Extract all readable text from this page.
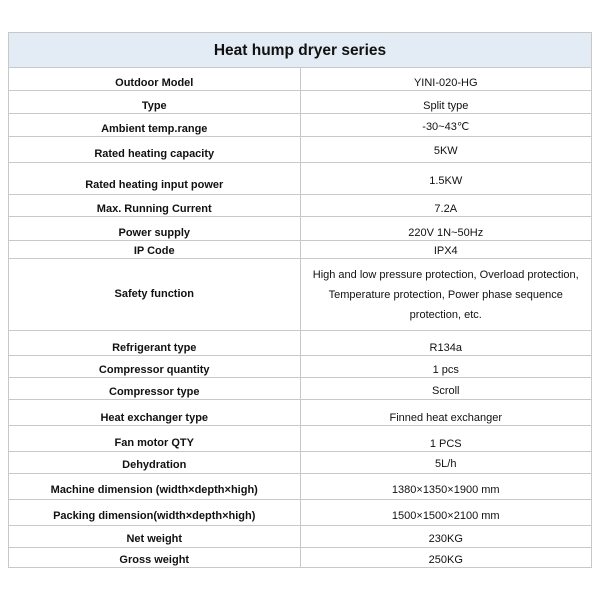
Heat hump dryer series	

Outdoor Model	YINI-020-HG

Type	Split type

Ambient temp.range	-30~43℃

Rated heating capacity	5KW

Rated heating input power	1.5KW

Max. Running Current	7.2A

Power supply	220V 1N~50Hz

IP Code	IPX4

Safety function	High and low pressure protection, Overload protection, Temperature protection, Power phase sequence protection, etc.

Refrigerant type	R134a

Compressor quantity	1 pcs

Compressor type	Scroll

Heat exchanger type	Finned heat exchanger

Fan motor QTY	1 PCS

Dehydration	5L/h

Machine dimension (width×depth×high)	1380×1350×1900 mm

Packing dimension(width×depth×high)	1500×1500×2100 mm

Net weight	230KG

Gross weight	250KG
